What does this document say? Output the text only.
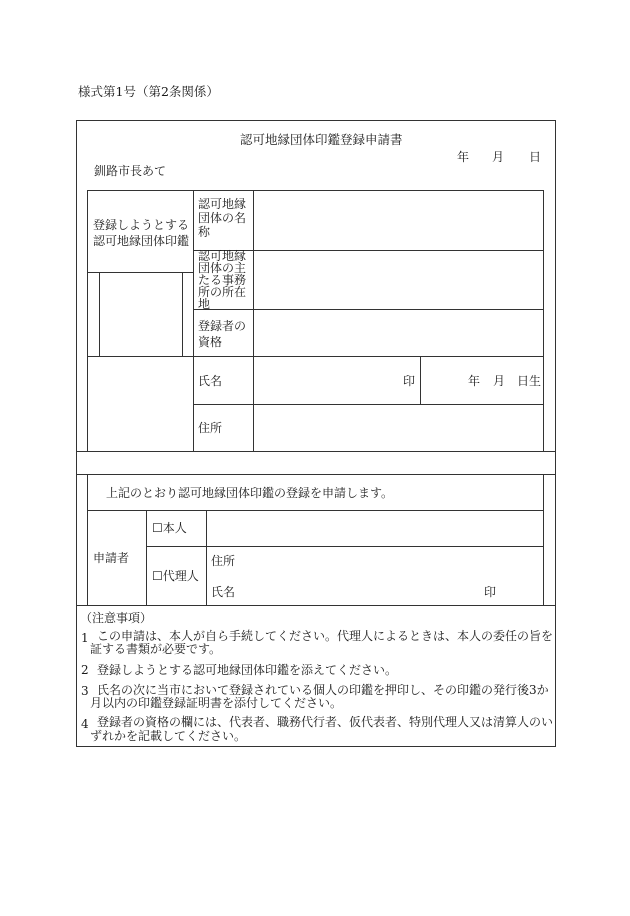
様式第1号（第2条関係）
認可地縁団体印鑑登録申請書
年 月 日
釧路市長あて
登録しようとする
認可地縁団体印鑑
認可地縁
団体の名
称
認可地縁
団体の主
たる事務
所の所在
地
登録者の
資格
氏名	印	年 月 日生
住所
上記のとおり認可地縁団体印鑑の登録を申請します。
申請者
☐本人
☐代理人
住所
氏名	印
（注意事項）
1 この申請は、本人が自ら手続してください。代理人によるときは、本人の委任の旨を
証する書類が必要です。
2 登録しようとする認可地縁団体印鑑を添えてください。
3 氏名の次に当市において登録されている個人の印鑑を押印し、その印鑑の発行後3か
月以内の印鑑登録証明書を添付してください。
4 登録者の資格の欄には、代表者、職務代行者、仮代表者、特別代理人又は清算人のい
ずれかを記載してください。
